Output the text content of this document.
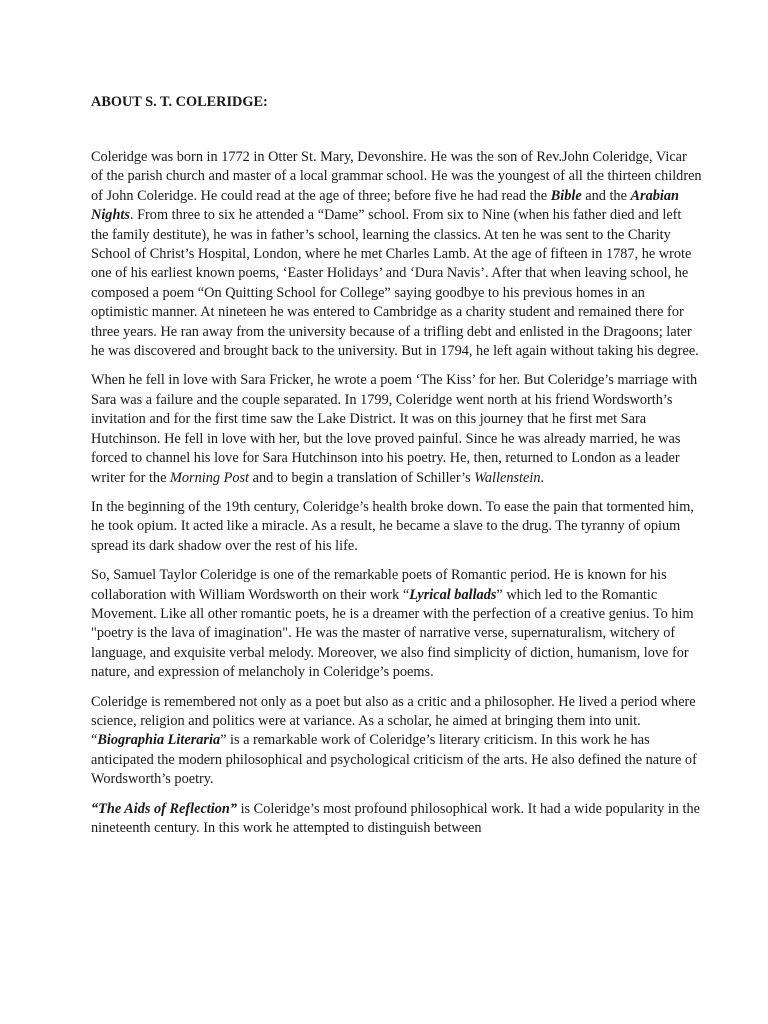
ABOUT S. T. COLERIDGE:

Coleridge was born in 1772 in Otter St. Mary, Devonshire. He was the son of Rev.John Coleridge, Vicar of the parish church and master of a local grammar school. He was the youngest of all the thirteen children of John Coleridge. He could read at the age of three; before five he had read the Bible and the Arabian Nights. From three to six he attended a “Dame” school. From six to Nine (when his father died and left the family destitute), he was in father’s school, learning the classics. At ten he was sent to the Charity School of Christ’s Hospital, London, where he met Charles Lamb. At the age of fifteen in 1787, he wrote one of his earliest known poems, ‘Easter Holidays’ and ‘Dura Navis’. After that when leaving school, he composed a poem “On Quitting School for College” saying goodbye to his previous homes in an optimistic manner. At nineteen he was entered to Cambridge as a charity student and remained there for three years. He ran away from the university because of a trifling debt and enlisted in the Dragoons; later he was discovered and brought back to the university. But in 1794, he left again without taking his degree.

When he fell in love with Sara Fricker, he wrote a poem ‘The Kiss’ for her. But Coleridge’s marriage with Sara was a failure and the couple separated. In 1799, Coleridge went north at his friend Wordsworth’s invitation and for the first time saw the Lake District. It was on this journey that he first met Sara Hutchinson. He fell in love with her, but the love proved painful. Since he was already married, he was forced to channel his love for Sara Hutchinson into his poetry. He, then, returned to London as a leader writer for the Morning Post and to begin a translation of Schiller’s Wallenstein.

In the beginning of the 19th century, Coleridge’s health broke down. To ease the pain that tormented him, he took opium. It acted like a miracle. As a result, he became a slave to the drug. The tyranny of opium spread its dark shadow over the rest of his life.

So, Samuel Taylor Coleridge is one of the remarkable poets of Romantic period. He is known for his collaboration with William Wordsworth on their work “Lyrical ballads” which led to the Romantic Movement. Like all other romantic poets, he is a dreamer with the perfection of a creative genius. To him "poetry is the lava of imagination". He was the master of narrative verse, supernaturalism, witchery of language, and exquisite verbal melody. Moreover, we also find simplicity of diction, humanism, love for nature, and expression of melancholy in Coleridge’s poems.

Coleridge is remembered not only as a poet but also as a critic and a philosopher. He lived a period where science, religion and politics were at variance. As a scholar, he aimed at bringing them into unit. “Biographia Literaria” is a remarkable work of Coleridge’s literary criticism. In this work he has anticipated the modern philosophical and psychological criticism of the arts. He also defined the nature of Wordsworth’s poetry.

“The Aids of Reflection” is Coleridge’s most profound philosophical work. It had a wide popularity in the nineteenth century. In this work he attempted to distinguish between
